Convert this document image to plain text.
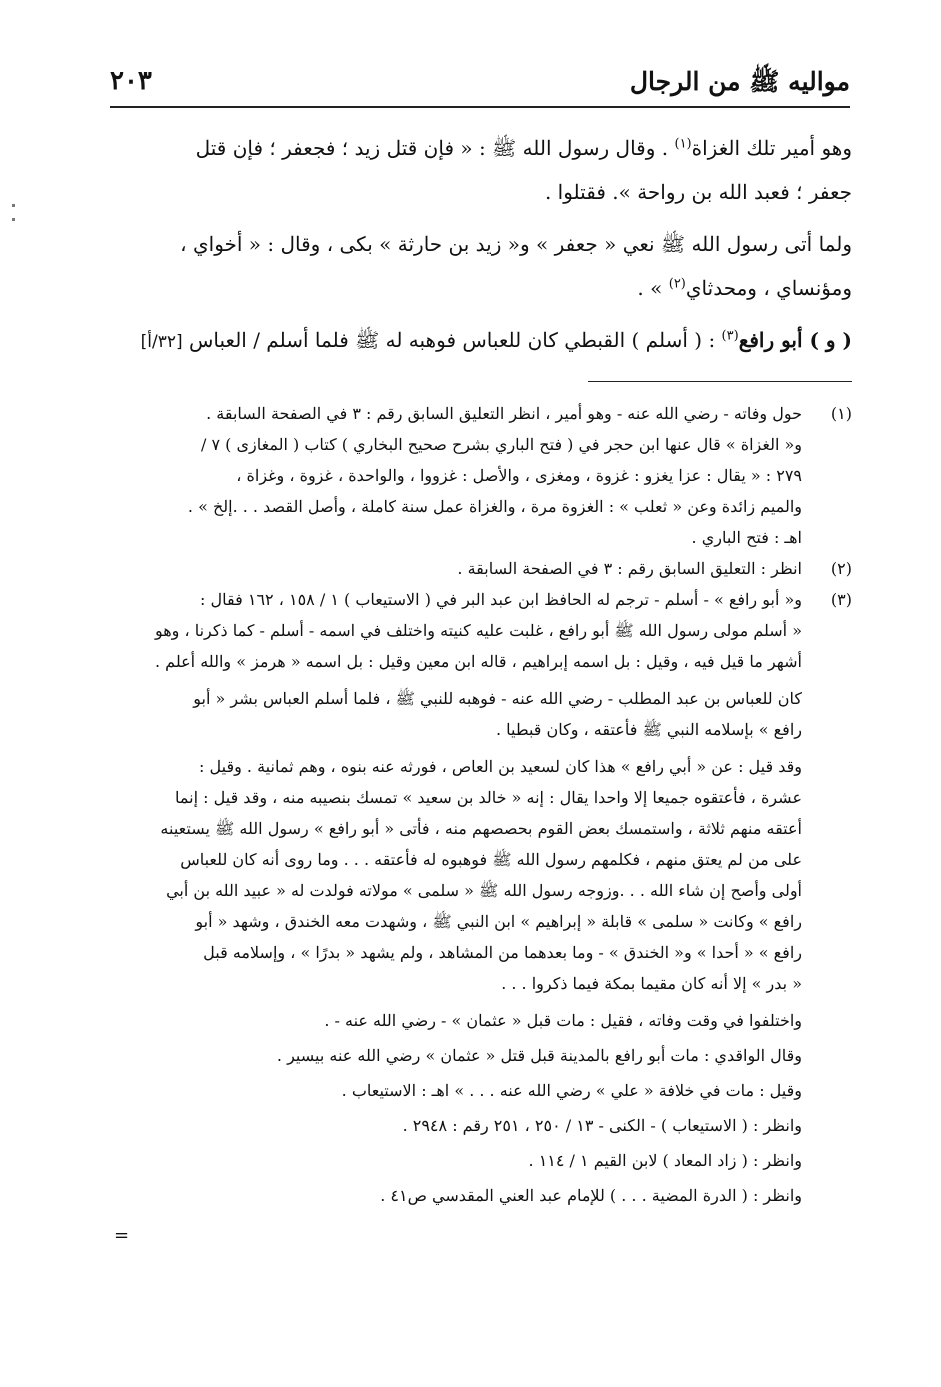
٢٠٣	مواليه ﷺ من الرجال

وهو أمير تلك الغزاة$^{(١)}$ . وقال رسول الله ﷺ : « فإن قتل زيد ؛ فجعفر ؛ فإن قتل
جعفر ؛ فعبد الله بن رواحة ». فقتلوا .

ولما أتى رسول الله ﷺ نعي « جعفر » و« زيد بن حارثة » بكى ، وقال : « أخواي ،
ومؤنساي ، ومحدثاي$^{(٢)}$ » .

( و ) أبو رافع$^{(٣)}$ : ( أسلم ) القبطي كان للعباس فوهبه له ﷺ فلما أسلم / العباس [٣٢/أ]

(١)

حول وفاته - رضي الله عنه - وهو أمير ، انظر التعليق السابق رقم : ٣ في الصفحة السابقة .

و« الغزاة » قال عنها ابن حجر في ( فتح الباري بشرح صحيح البخاري ) كتاب ( المغازى ) ٧ /

٢٧٩ : « يقال : عزا يغزو : غزوة ، ومغزى ، والأصل : غزووا ، والواحدة ، غزوة ، وغزاة ،

والميم زائدة وعن « ثعلب » : الغزوة مرة ، والغزاة عمل سنة كاملة ، وأصل القصد . . .إلخ » .

اهـ : فتح الباري .

(٢)

انظر : التعليق السابق رقم : ٣ في الصفحة السابقة .

(٣)

و« أبو رافع » - أسلم - ترجم له الحافظ ابن عبد البر في ( الاستيعاب ) ١ / ١٥٨ ، ١٦٢ فقال :

« أسلم مولى رسول الله ﷺ أبو رافع ، غلبت عليه كنيته واختلف في اسمه - أسلم - كما ذكرنا ، وهو

أشهر ما قيل فيه ، وقيل : بل اسمه إبراهيم ، قاله ابن معين وقيل : بل اسمه « هرمز » والله أعلم .

كان للعباس بن عبد المطلب - رضي الله عنه - فوهبه للنبي ﷺ ، فلما أسلم العباس بشر « أبو

رافع » بإسلامه النبي ﷺ فأعتقه ، وكان قبطيا .

وقد قيل : عن « أبي رافع » هذا كان لسعيد بن العاص ، فورثه عنه بنوه ، وهم ثمانية . وقيل :

عشرة ، فأعتقوه جميعا إلا واحدا يقال : إنه « خالد بن سعيد » تمسك بنصيبه منه ، وقد قيل : إنما

أعتقه منهم ثلاثة ، واستمسك بعض القوم بحصصهم منه ، فأتى « أبو رافع » رسول الله ﷺ يستعينه

على من لم يعتق منهم ، فكلمهم رسول الله ﷺ فوهبوه له فأعتقه . . . وما روى أنه كان للعباس

أولى وأصح إن شاء الله . . .وزوجه رسول الله ﷺ « سلمى » مولاته فولدت له « عبيد الله بن أبي

رافع » وكانت « سلمى » قابلة « إبراهيم » ابن النبي ﷺ ، وشهدت معه الخندق ، وشهد « أبو

رافع » « أحدا » و« الخندق » - وما بعدهما من المشاهد ، ولم يشهد « بدرًا » ، وإسلامه قبل

« بدر » إلا أنه كان مقيما بمكة فيما ذكروا . . .

واختلفوا في وقت وفاته ، فقيل : مات قبل « عثمان » - رضي الله عنه - .

وقال الواقدي : مات أبو رافع بالمدينة قبل قتل « عثمان » رضي الله عنه بيسير .

وقيل : مات في خلافة « علي » رضي الله عنه . . . » اهـ : الاستيعاب .

وانظر : ( الاستيعاب ) - الكنى - ١٣ / ٢٥٠ ، ٢٥١ رقم : ٢٩٤٨ .

وانظر : ( زاد المعاد ) لابن القيم ١ / ١١٤ .

وانظر : ( الدرة المضية . . . ) للإمام عبد العني المقدسي ص٤١ .

=
